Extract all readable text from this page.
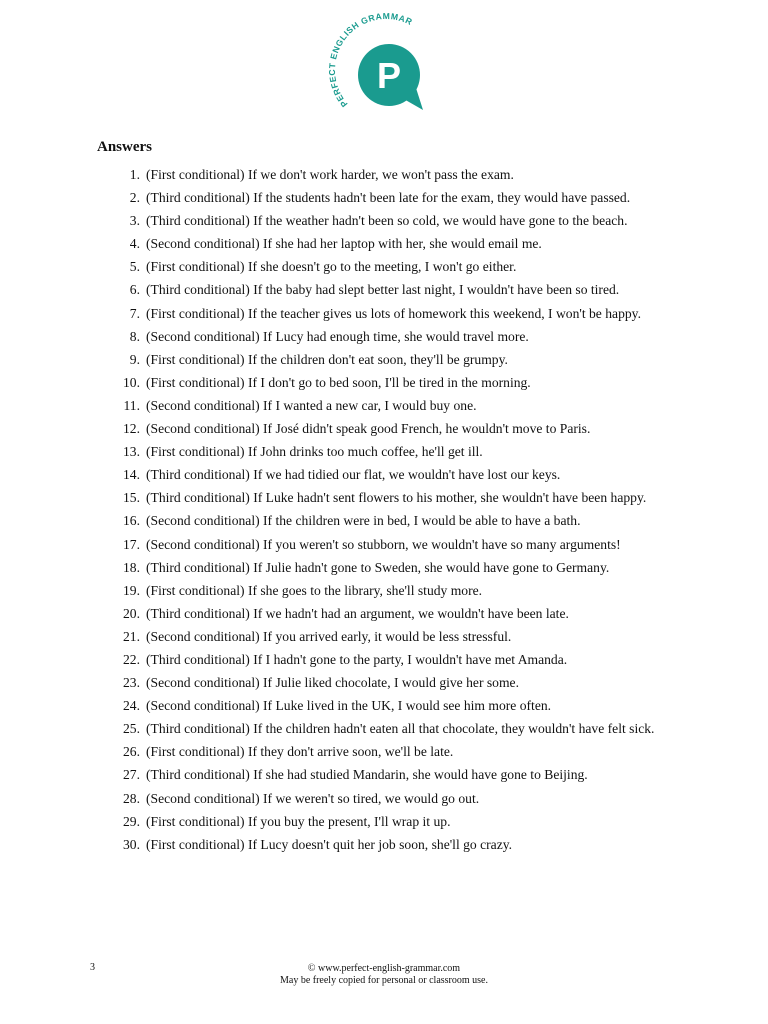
PERFECT ENGLISH GRAMMAR
P
Answers
1. (First conditional) If we don't work harder, we won't pass the exam.
2. (Third conditional) If the students hadn't been late for the exam, they would have passed.
3. (Third conditional) If the weather hadn't been so cold, we would have gone to the beach.
4. (Second conditional) If she had her laptop with her, she would email me.
5. (First conditional) If she doesn't go to the meeting, I won't go either.
6. (Third conditional) If the baby had slept better last night, I wouldn't have been so tired.
7. (First conditional) If the teacher gives us lots of homework this weekend, I won't be happy.
8. (Second conditional) If Lucy had enough time, she would travel more.
9. (First conditional) If the children don't eat soon, they'll be grumpy.
10. (First conditional) If I don't go to bed soon, I'll be tired in the morning.
11. (Second conditional) If I wanted a new car, I would buy one.
12. (Second conditional) If José didn't speak good French, he wouldn't move to Paris.
13. (First conditional) If John drinks too much coffee, he'll get ill.
14. (Third conditional) If we had tidied our flat, we wouldn't have lost our keys.
15. (Third conditional) If Luke hadn't sent flowers to his mother, she wouldn't have been happy.
16. (Second conditional) If the children were in bed, I would be able to have a bath.
17. (Second conditional) If you weren't so stubborn, we wouldn't have so many arguments!
18. (Third conditional) If Julie hadn't gone to Sweden, she would have gone to Germany.
19. (First conditional) If she goes to the library, she'll study more.
20. (Third conditional) If we hadn't had an argument, we wouldn't have been late.
21. (Second conditional) If you arrived early, it would be less stressful.
22. (Third conditional) If I hadn't gone to the party, I wouldn't have met Amanda.
23. (Second conditional) If Julie liked chocolate, I would give her some.
24. (Second conditional) If Luke lived in the UK, I would see him more often.
25. (Third conditional) If the children hadn't eaten all that chocolate, they wouldn't have felt sick.
26. (First conditional) If they don't arrive soon, we'll be late.
27. (Third conditional) If she had studied Mandarin, she would have gone to Beijing.
28. (Second conditional) If we weren't so tired, we would go out.
29. (First conditional) If you buy the present, I'll wrap it up.
30. (First conditional) If Lucy doesn't quit her job soon, she'll go crazy.
3	© www.perfect-english-grammar.com
May be freely copied for personal or classroom use.
